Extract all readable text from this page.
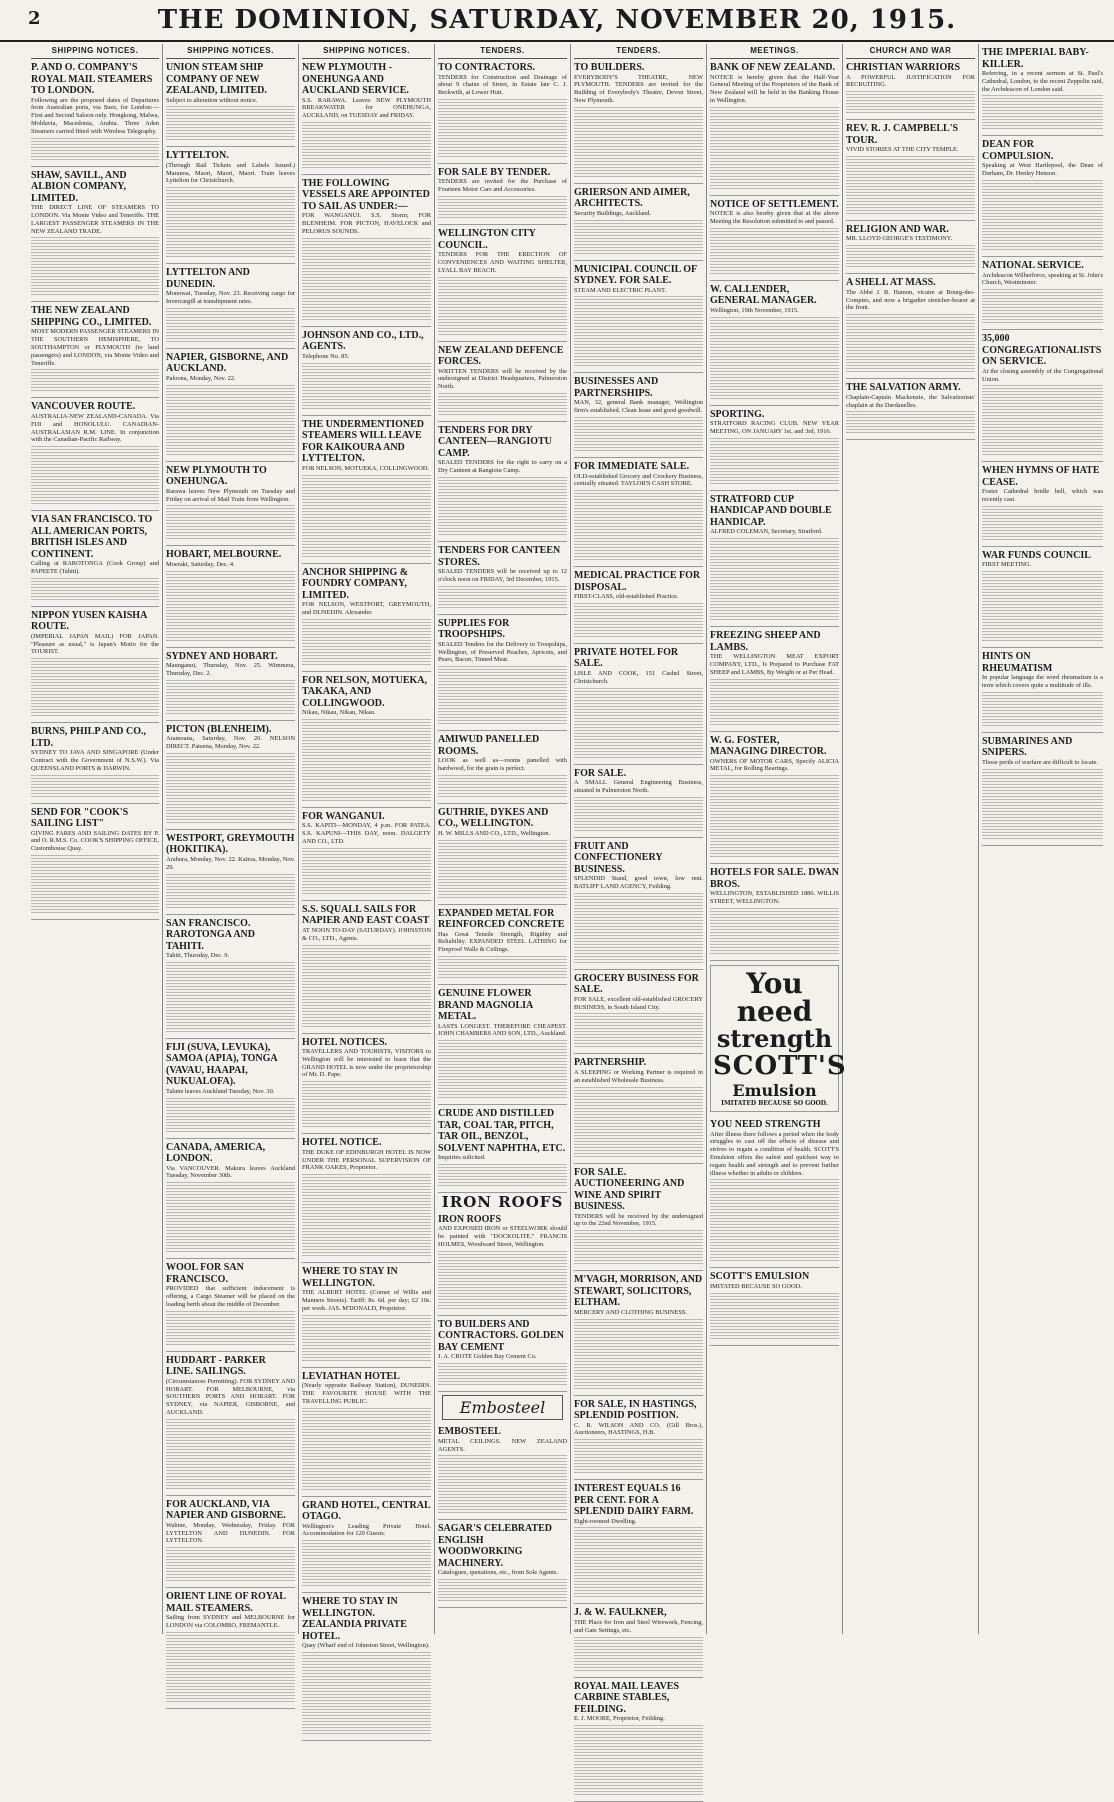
2	THE DOMINION, SATURDAY, NOVEMBER 20, 1915.
SHIPPING NOTICES.
P. AND O. COMPANY'S ROYAL MAIL STEAMERS TO LONDON.
Following are the proposed dates of Departures from Australian ports, via Suez, for London:— First and Second Saloon only. Hongkong, Malwa, Moldavia, Macedonia, Arabia. Three Aden Steamers carried fitted with Wireless Telegraphy.
SHAW, SAVILL, AND ALBION COMPANY, LIMITED.
THE DIRECT LINE OF STEAMERS TO LONDON. Via Monte Video and Teneriffe. THE LARGEST PASSENGER STEAMERS IN THE NEW ZEALAND TRADE.
THE NEW ZEALAND SHIPPING CO., LIMITED.
MOST MODERN PASSENGER STEAMERS IN THE SOUTHERN HEMISPHERE, TO SOUTHAMPTON or PLYMOUTH (to land passengers) and LONDON, via Monte Video and Teneriffe.
VANCOUVER ROUTE.
AUSTRALIA-NEW ZEALAND-CANADA. Via FIJI and HONOLULU. CANADIAN-AUSTRALASIAN R.M. LINE. In conjunction with the Canadian-Pacific Railway.
VIA SAN FRANCISCO. TO ALL AMERICAN PORTS, BRITISH ISLES AND CONTINENT.
Calling at RAROTONGA (Cook Group) and PAPEETE (Tahiti).
NIPPON YUSEN KAISHA ROUTE.
(IMPERIAL JAPAN MAIL) FOR JAPAN. "Pleasure as usual," is Japan's Motto for the TOURIST.
BURNS, PHILP AND CO., LTD.
SYDNEY TO JAVA AND SINGAPORE (Under Contract with the Government of N.S.W.). Via QUEENSLAND PORTS & DARWIN.
SEND FOR "COOK'S SAILING LIST"
GIVING FARES AND SAILING DATES BY P. and O. R.M.S. Co. COOK'S SHIPPING OFFICE, Customhouse Quay.
SHIPPING NOTICES.
UNION STEAM SHIP COMPANY OF NEW ZEALAND, LIMITED.
Subject to alteration without notice.
LYTTELTON.
(Through Rail Tickets and Labels Issued.) Maranoa, Maori, Maori, Maori. Train leaves Lyttelton for Christchurch.
LYTTELTON AND DUNEDIN.
Monowai, Tuesday, Nov. 23. Receiving cargo for Invercargill at transhipment rates.
NAPIER, GISBORNE, AND AUCKLAND.
Paloona, Monday, Nov. 22.
NEW PLYMOUTH TO ONEHUNGA.
Rarawa leaves New Plymouth on Tuesday and Friday on arrival of Mail Train from Wellington.
HOBART, MELBOURNE.
Moeraki, Saturday, Dec. 4.
SYDNEY AND HOBART.
Maunganui, Thursday, Nov. 25. Wimmera, Thursday, Dec. 2.
PICTON (BLENHEIM).
Aramoana, Saturday, Nov. 20. NELSON DIRECT. Pateena, Monday, Nov. 22.
WESTPORT, GREYMOUTH (HOKITIKA).
Arahura, Monday, Nov. 22. Kaitoa, Monday, Nov. 29.
SAN FRANCISCO. RAROTONGA AND TAHITI.
Tahiti, Thursday, Dec. 9.
FIJI (SUVA, LEVUKA), SAMOA (APIA), TONGA (VAVAU, HAAPAI, NUKUALOFA).
Talune leaves Auckland Tuesday, Nov. 30.
CANADA, AMERICA, LONDON.
Via VANCOUVER. Makura leaves Auckland Tuesday, November 30th.
WOOL FOR SAN FRANCISCO.
PROVIDED that sufficient inducement is offering, a Cargo Steamer will be placed on the loading berth about the middle of December.
HUDDART - PARKER LINE. SAILINGS.
(Circumstances Permitting). FOR SYDNEY AND HOBART. FOR MELBOURNE, via SOUTHERN PORTS AND HOBART. FOR SYDNEY, via NAPIER, GISBORNE, and AUCKLAND.
FOR AUCKLAND, VIA NAPIER AND GISBORNE.
Wahine, Monday, Wednesday, Friday. FOR LYTTELTON AND DUNEDIN. FOR LYTTELTON.
ORIENT LINE OF ROYAL MAIL STEAMERS.
Sailing from SYDNEY and MELBOURNE for LONDON via COLOMBO, FREMANTLE.
SHIPPING NOTICES.
NEW PLYMOUTH - ONEHUNGA AND AUCKLAND SERVICE.
S.S. RARAWA. Leaves NEW PLYMOUTH BREAKWATER for ONEHUNGA, AUCKLAND, on TUESDAY and FRIDAY.
THE FOLLOWING VESSELS ARE APPOINTED TO SAIL AS UNDER:—
FOR WANGANUI. S.S. Storm; FOR BLENHEIM. FOR PICTON, HAVELOCK and PELORUS SOUNDS.
JOHNSON AND CO., LTD., AGENTS.
Telephone No. 85.
THE UNDERMENTIONED STEAMERS WILL LEAVE FOR KAIKOURA AND LYTTELTON.
FOR NELSON, MOTUEKA, COLLINGWOOD.
ANCHOR SHIPPING & FOUNDRY COMPANY, LIMITED.
FOR NELSON, WESTPORT, GREYMOUTH, and DUNEDIN. Alexander.
FOR NELSON, MOTUEKA, TAKAKA, AND COLLINGWOOD.
Nikau, Nikau, Nikau, Nikau.
FOR WANGANUI.
S.S. KAPITI—MONDAY, 4 p.m. FOR PATEA. S.S. KAPUNI—THIS DAY, noon. DALGETY AND CO., LTD.
S.S. SQUALL SAILS FOR NAPIER AND EAST COAST
AT NOON TO-DAY (SATURDAY). JOHNSTON & CO., LTD., Agents.
HOTEL NOTICES.
TRAVELLERS AND TOURISTS, VISITORS to Wellington will be interested to learn that the GRAND HOTEL is now under the proprietorship of Mr. D. Pape.
HOTEL NOTICE.
THE DUKE OF EDINBURGH HOTEL IS NOW UNDER THE PERSONAL SUPERVISION OF FRANK OAKES, Proprietor.
WHERE TO STAY IN WELLINGTON.
THE ALBERT HOTEL (Corner of Willis and Manners Streets). Tariff: 8s. 6d. per day; £2 10s. per week. JAS. M'DONALD, Proprietor.
LEVIATHAN HOTEL
(Nearly opposite Railway Station), DUNEDIN. THE FAVOURITE HOUSE WITH THE TRAVELLING PUBLIC.
GRAND HOTEL, CENTRAL OTAGO.
Wellington's Leading Private Hotel. Accommodation for 120 Guests.
WHERE TO STAY IN WELLINGTON. ZEALANDIA PRIVATE HOTEL.
Quay (Wharf end of Johnston Street, Wellington).
TENDERS.
TO CONTRACTORS.
TENDERS for Construction and Drainage of about 9 chains of Street, in Estate late C. J. Beckwith, at Lower Hutt.
FOR SALE BY TENDER.
TENDERS are invited for the Purchase of Fourteen Motor Cars and Accessories.
WELLINGTON CITY COUNCIL.
TENDERS FOR THE ERECTION OF CONVENIENCES AND WAITING SHELTER, LYALL BAY BEACH.
NEW ZEALAND DEFENCE FORCES.
WRITTEN TENDERS will be received by the undersigned at District Headquarters, Palmerston North.
TENDERS FOR DRY CANTEEN—RANGIOTU CAMP.
SEALED TENDERS for the right to carry on a Dry Canteen at Rangiotu Camp.
TENDERS FOR CANTEEN STORES.
SEALED TENDERS will be received up to 12 o'clock noon on FRIDAY, 3rd December, 1915.
SUPPLIES FOR TROOPSHIPS.
SEALED Tenders for the Delivery to Troopships, Wellington, of Preserved Peaches, Apricots, and Pears, Bacon, Tinned Meat.
AMIWUD PANELLED ROOMS.
LOOK as well as—rooms panelled with hardwood, for the grain is perfect.
GUTHRIE, DYKES AND CO., WELLINGTON.
H. W. MILLS AND CO., LTD., Wellington.
EXPANDED METAL FOR REINFORCED CONCRETE
Has Great Tensile Strength, Rigidity and Reliability. EXPANDED STEEL LATHING for Fireproof Walls & Ceilings.
GENUINE FLOWER BRAND MAGNOLIA METAL.
LASTS LONGEST. THEREFORE CHEAPEST. JOHN CHAMBERS AND SON, LTD., Auckland.
CRUDE AND DISTILLED TAR, COAL TAR, PITCH, TAR OIL, BENZOL, SOLVENT NAPHTHA, ETC.
Inquiries solicited.
IRON ROOFS
IRON ROOFS
AND EXPOSED IRON or STEELWORK should be painted with "DOCKOLITE." FRANCIS HOLMES, Woodward Street, Wellington.
TO BUILDERS AND CONTRACTORS. GOLDEN BAY CEMENT
J. A. CROTE Golden Bay Cement Co.
Embosteel
EMBOSTEEL
METAL CEILINGS. NEW ZEALAND AGENTS.
SAGAR'S CELEBRATED ENGLISH WOODWORKING MACHINERY.
Catalogues, quotations, etc., from Sole Agents.
TENDERS.
TO BUILDERS.
EVERYBODY'S THEATRE, NEW PLYMOUTH. TENDERS are invited for the Building of Everybody's Theatre, Devon Street, New Plymouth.
GRIERSON AND AIMER, ARCHITECTS.
Security Buildings, Auckland.
MUNICIPAL COUNCIL OF SYDNEY. FOR SALE.
STEAM AND ELECTRIC PLANT.
BUSINESSES AND PARTNERSHIPS.
MAN, 32, general Bank manager, Wellington firm's established. Clean lease and good goodwill.
FOR IMMEDIATE SALE.
OLD-established Grocery and Crockery Business, centrally situated. TAYLOR'S CASH STORE.
MEDICAL PRACTICE FOR DISPOSAL.
FIRST-CLASS, old-established Practice.
PRIVATE HOTEL FOR SALE.
LISLE AND COOK, 151 Cashel Street, Christchurch.
FOR SALE.
A SMALL General Engineering Business, situated in Palmerston North.
FRUIT AND CONFECTIONERY BUSINESS.
SPLENDID Stand, good town, low rent. BATLIFF LAND AGENCY, Feilding.
GROCERY BUSINESS FOR SALE.
FOR SALE, excellent old-established GROCERY BUSINESS, in South Island City.
PARTNERSHIP.
A SLEEPING or Working Partner is required in an established Wholesale Business.
FOR SALE. AUCTIONEERING AND WINE AND SPIRIT BUSINESS.
TENDERS will be received by the undersigned up to the 22nd November, 1915.
M'VAGH, MORRISON, AND STEWART, SOLICITORS, ELTHAM.
MERCERY AND CLOTHING BUSINESS.
FOR SALE, IN HASTINGS, SPLENDID POSITION.
C. R. WILSON AND CO. (Gill Bros.), Auctioneers, HASTINGS, H.B.
INTEREST EQUALS 16 PER CENT. FOR A SPLENDID DAIRY FARM.
Eight-roomed Dwelling.
J. & W. FAULKNER,
THE Place for Iron and Steel Wirework, Fencing, and Gate Settings, etc.
ROYAL MAIL LEAVES CARBINE STABLES, FEILDING.
E. J. MOORE, Proprietor, Feilding.
MEETINGS.
BANK OF NEW ZEALAND.
NOTICE is hereby given that the Half-Year General Meeting of the Proprietors of the Bank of New Zealand will be held in the Banking House in Wellington.
NOTICE OF SETTLEMENT.
NOTICE is also hereby given that at the above Meeting the Resolution submitted to and passed.
W. CALLENDER, GENERAL MANAGER.
Wellington, 19th November, 1915.
SPORTING.
STRATFORD RACING CLUB. NEW YEAR MEETING, ON JANUARY 1st, and 3rd, 1916.
STRATFORD CUP HANDICAP AND DOUBLE HANDICAP.
ALFRED COLEMAN, Secretary, Stratford.
FREEZING SHEEP AND LAMBS.
THE WELLINGTON MEAT EXPORT COMPANY, LTD., Is Prepared to Purchase FAT SHEEP and LAMBS, By Weight or at Per Head.
W. G. FOSTER, MANAGING DIRECTOR.
OWNERS OF MOTOR CARS, Specify ALICIA METAL, for Rolling Bearings.
HOTELS FOR SALE. DWAN BROS.
WELLINGTON, ESTABLISHED 1886. WILLIS STREET, WELLINGTON.
You need
strength
SCOTT'S
Emulsion
IMITATED BECAUSE SO GOOD.
YOU NEED STRENGTH
After illness there follows a period when the body struggles to cast off the effects of disease and strives to regain a condition of health. SCOTT'S Emulsion offers the safest and quickest way to regain health and strength and to prevent further illness whether in adults or children.
SCOTT'S EMULSION
IMITATED BECAUSE SO GOOD.
CHURCH AND WAR
CHRISTIAN WARRIORS
A POWERFUL JUSTIFICATION FOR RECRUITING.
REV. R. J. CAMPBELL'S TOUR.
VIVID STORIES AT THE CITY TEMPLE.
RELIGION AND WAR.
MR. LLOYD GEORGE'S TESTIMONY.
A SHELL AT MASS.
The Abbé J. B. Hamon, vicaire at Bourg-des-Comptes, and now a brigadier stretcher-bearer at the front.
THE SALVATION ARMY.
Chaplain-Captain Mackenzie, the Salvationists' chaplain at the Dardanelles.
THE IMPERIAL BABY-KILLER.
Referring, in a recent sermon at St. Paul's Cathedral, London, to the recent Zeppelin raid, the Archdeacon of London said.
DEAN FOR COMPULSION.
Speaking at West Hartlepool, the Dean of Durham, Dr. Henley Henson.
NATIONAL SERVICE.
Archdeacon Wilberforce, speaking at St. John's Church, Westminster.
35,000 CONGREGATIONALISTS ON SERVICE.
At the closing assembly of the Congregational Union.
WHEN HYMNS OF HATE CEASE.
Foster Cathedral bridle bell, which was recently cast.
WAR FUNDS COUNCIL
FIRST MEETING.
HINTS ON RHEUMATISM
In popular language the word rheumatism is a term which covers quite a multitude of ills.
SUBMARINES AND SNIPERS.
Those perils of warfare are difficult to locate.
